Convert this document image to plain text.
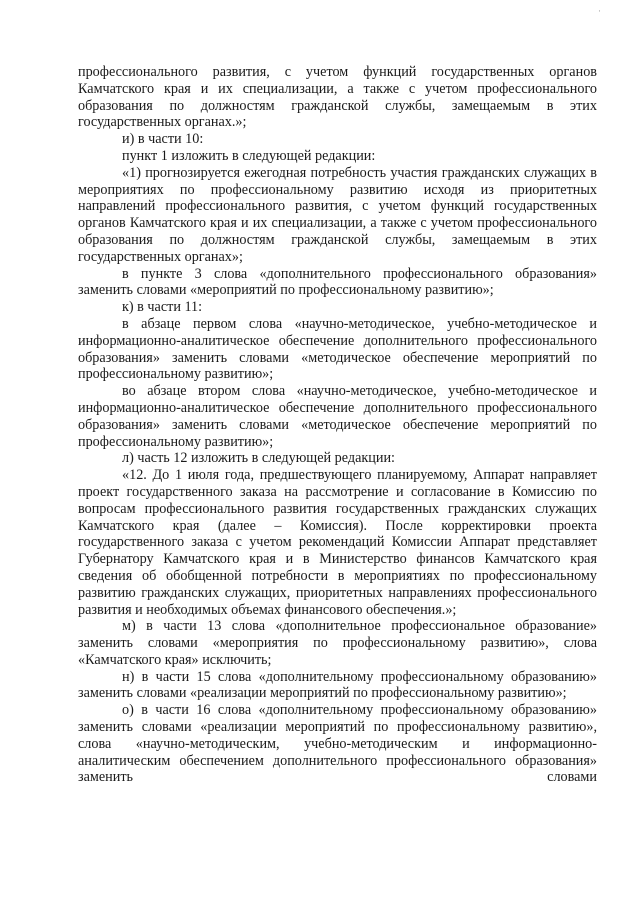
·

профессионального развития, с учетом функций государственных органов Камчатского края и их специализации, а также с учетом профессионального образования по должностям гражданской службы, замещаемым в этих государственных органах.»;

и) в части 10:

пункт 1 изложить в следующей редакции:

«1) прогнозируется ежегодная потребность участия гражданских служащих в мероприятиях по профессиональному развитию исходя из приоритетных направлений профессионального развития, с учетом функций государственных органов Камчатского края и их специализации, а также с учетом профессионального образования по должностям гражданской службы, замещаемым в этих государственных органах»;

в пункте 3 слова «дополнительного профессионального образования» заменить словами «мероприятий по профессиональному развитию»;

к) в части 11:

в абзаце первом слова «научно-методическое, учебно-методическое и информационно-аналитическое обеспечение дополнительного профессионального образования» заменить словами «методическое обеспечение мероприятий по профессиональному развитию»;

во абзаце втором слова «научно-методическое, учебно-методическое и информационно-аналитическое обеспечение дополнительного профессионального образования» заменить словами «методическое обеспечение мероприятий по профессиональному развитию»;

л) часть 12 изложить в следующей редакции:

«12. До 1 июля года, предшествующего планируемому, Аппарат направляет проект государственного заказа на рассмотрение и согласование в Комиссию по вопросам профессионального развития государственных гражданских служащих Камчатского края (далее – Комиссия). После корректировки проекта государственного заказа с учетом рекомендаций Комиссии Аппарат представляет Губернатору Камчатского края и в Министерство финансов Камчатского края сведения об обобщенной потребности в мероприятиях по профессиональному развитию гражданских служащих, приоритетных направлениях профессионального развития и необходимых объемах финансового обеспечения.»;

м) в части 13 слова «дополнительное профессиональное образование» заменить словами «мероприятия по профессиональному развитию», слова «Камчатского края» исключить;

н) в части 15 слова «дополнительному профессиональному образованию» заменить словами «реализации мероприятий по профессиональному развитию»;

о) в части 16 слова «дополнительному профессиональному образованию» заменить словами «реализации мероприятий по профессиональному развитию», слова «научно-методическим, учебно-методическим и информационно-аналитическим обеспечением дополнительного профессионального образования» заменить словами
